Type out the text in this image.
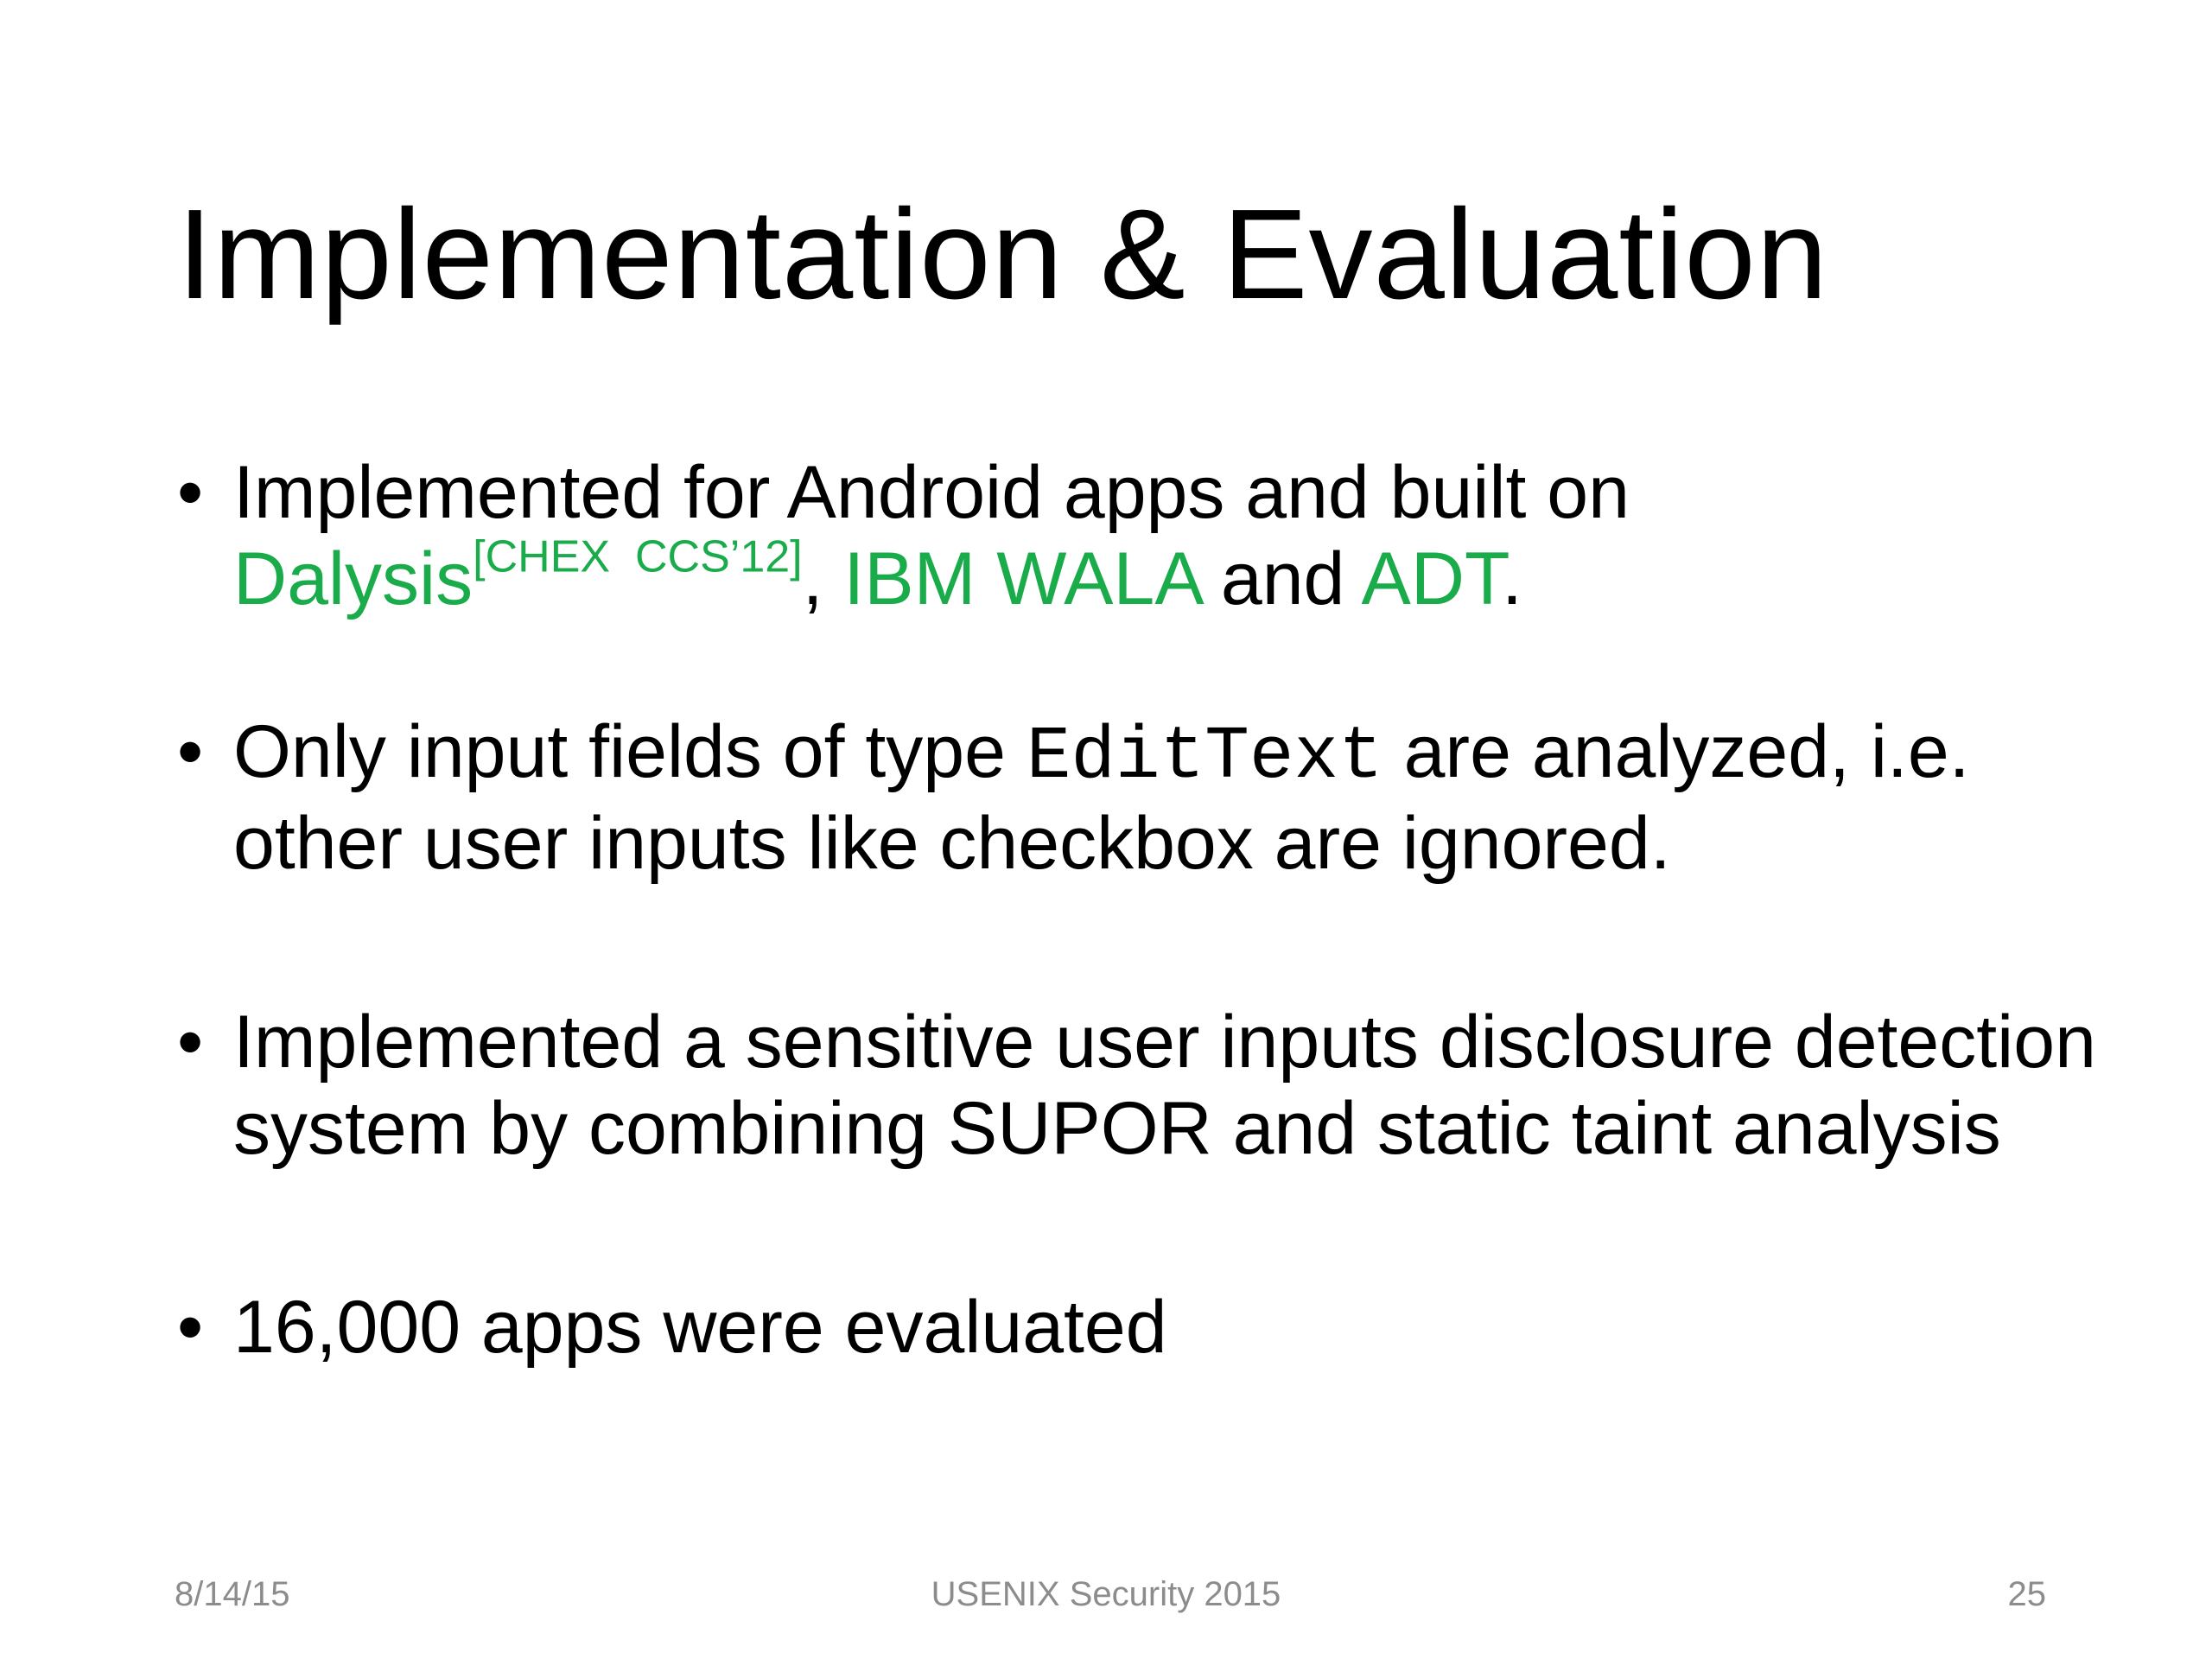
Implementation & Evaluation
• Implemented for Android apps and built on
Dalysis[CHEX  CCS’12], IBM WALA and ADT.
• Only input fields of type EditText are analyzed, i.e. other user inputs like checkbox are ignored.
• Implemented a sensitive user inputs disclosure detection system by combining SUPOR and static taint analysis
• 16,000 apps were evaluated
8/14/15	USENIX Security 2015	25
